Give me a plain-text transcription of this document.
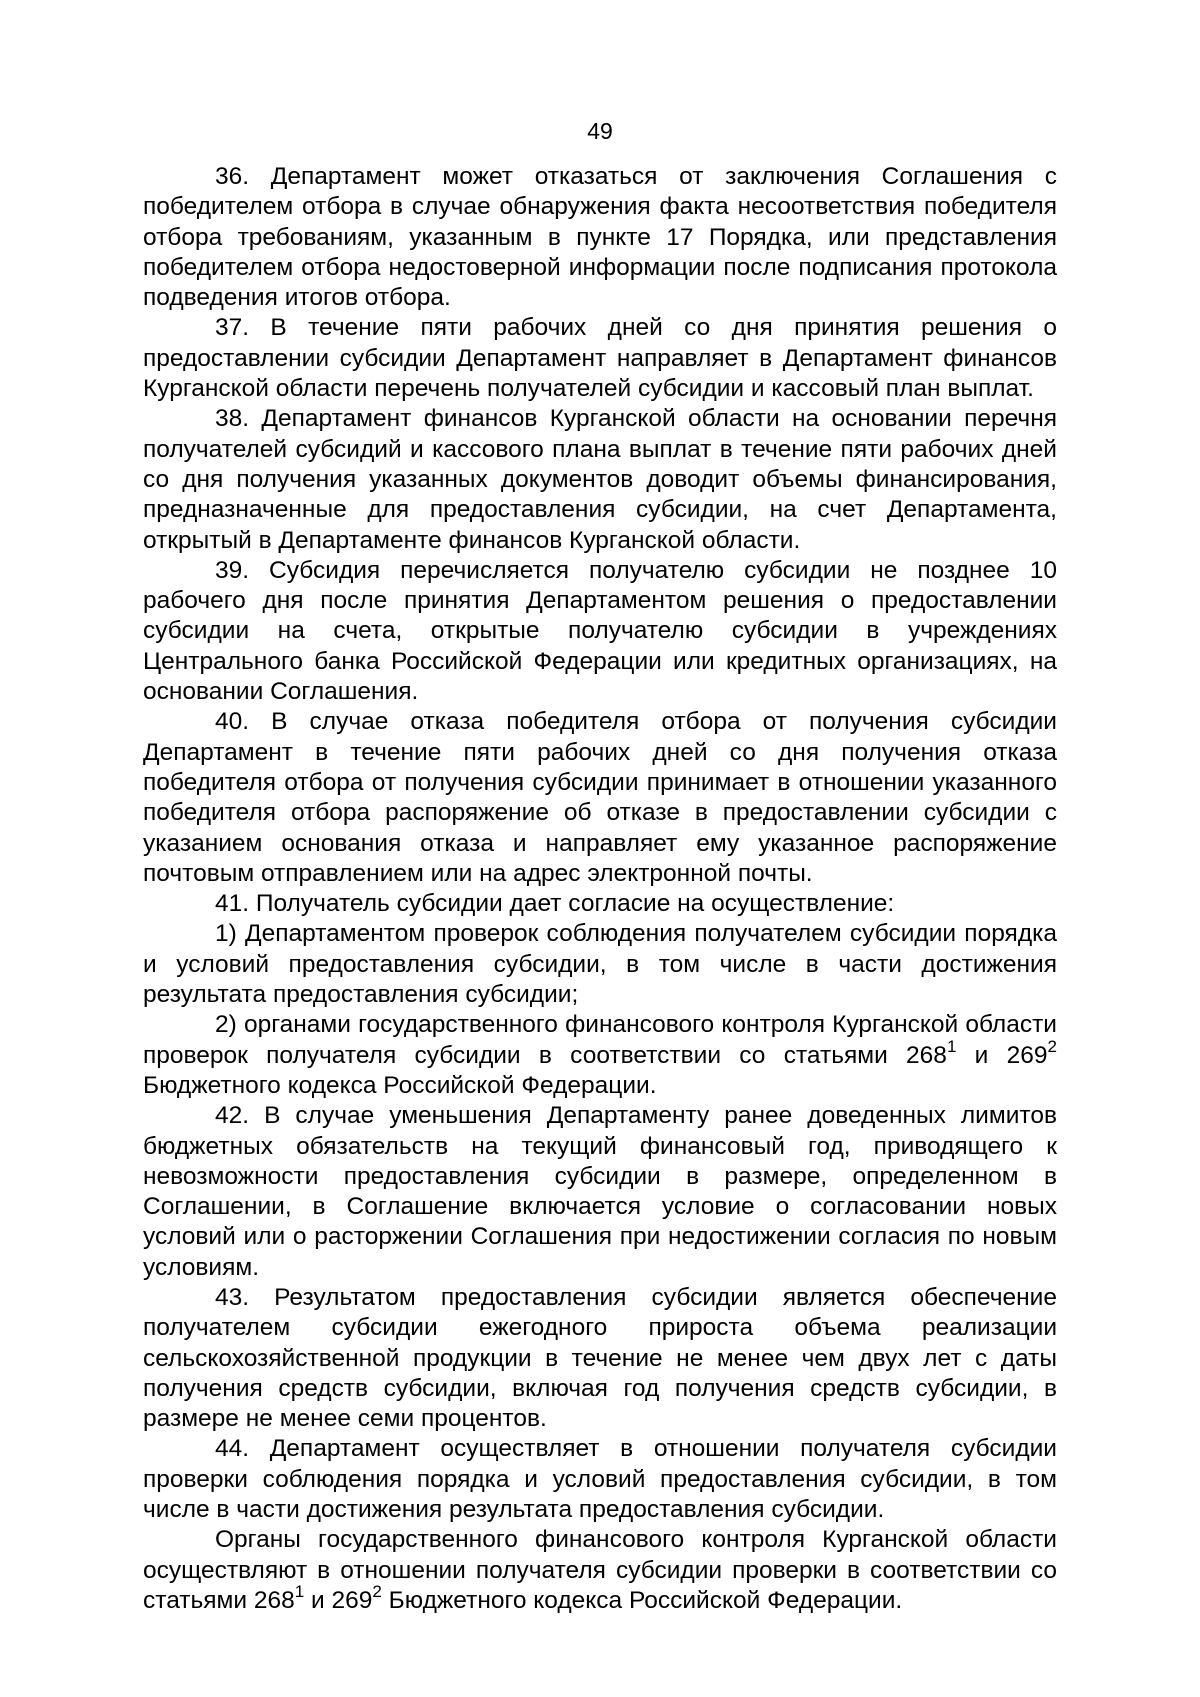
49

36. Департамент может отказаться от заключения Соглашения с победителем отбора в случае обнаружения факта несоответствия победителя отбора требованиям, указанным в пункте 17 Порядка, или представления победителем отбора недостоверной информации после подписания протокола подведения итогов отбора.

37. В течение пяти рабочих дней со дня принятия решения о предоставлении субсидии Департамент направляет в Департамент финансов Курганской области перечень получателей субсидии и кассовый план выплат.

38. Департамент финансов Курганской области на основании перечня получателей субсидий и кассового плана выплат в течение пяти рабочих дней со дня получения указанных документов доводит объемы финансирования, предназначенные для предоставления субсидии, на счет Департамента, открытый в Департаменте финансов Курганской области.

39. Субсидия перечисляется получателю субсидии не позднее 10 рабочего дня после принятия Департаментом решения о предоставлении субсидии на счета, открытые получателю субсидии в учреждениях Центрального банка Российской Федерации или кредитных организациях, на основании Соглашения.

40. В случае отказа победителя отбора от получения субсидии Департамент в течение пяти рабочих дней со дня получения отказа победителя отбора от получения субсидии принимает в отношении указанного победителя отбора распоряжение об отказе в предоставлении субсидии с указанием основания отказа и направляет ему указанное распоряжение почтовым отправлением или на адрес электронной почты.

41. Получатель субсидии дает согласие на осуществление:

1) Департаментом проверок соблюдения получателем субсидии порядка и условий предоставления субсидии, в том числе в части достижения результата предоставления субсидии;

2) органами государственного финансового контроля Курганской области проверок получателя субсидии в соответствии со статьями $268^1$ и $269^2$ Бюджетного кодекса Российской Федерации.

42. В случае уменьшения Департаменту ранее доведенных лимитов бюджетных обязательств на текущий финансовый год, приводящего к невозможности предоставления субсидии в размере, определенном в Соглашении, в Соглашение включается условие о согласовании новых условий или о расторжении Соглашения при недостижении согласия по новым условиям.

43. Результатом предоставления субсидии является обеспечение получателем субсидии ежегодного прироста объема реализации сельскохозяйственной продукции в течение не менее чем двух лет с даты получения средств субсидии, включая год получения средств субсидии, в размере не менее семи процентов.

44. Департамент осуществляет в отношении получателя субсидии проверки соблюдения порядка и условий предоставления субсидии, в том числе в части достижения результата предоставления субсидии.

Органы государственного финансового контроля Курганской области осуществляют в отношении получателя субсидии проверки в соответствии со статьями $268^1$ и $269^2$ Бюджетного кодекса Российской Федерации.
